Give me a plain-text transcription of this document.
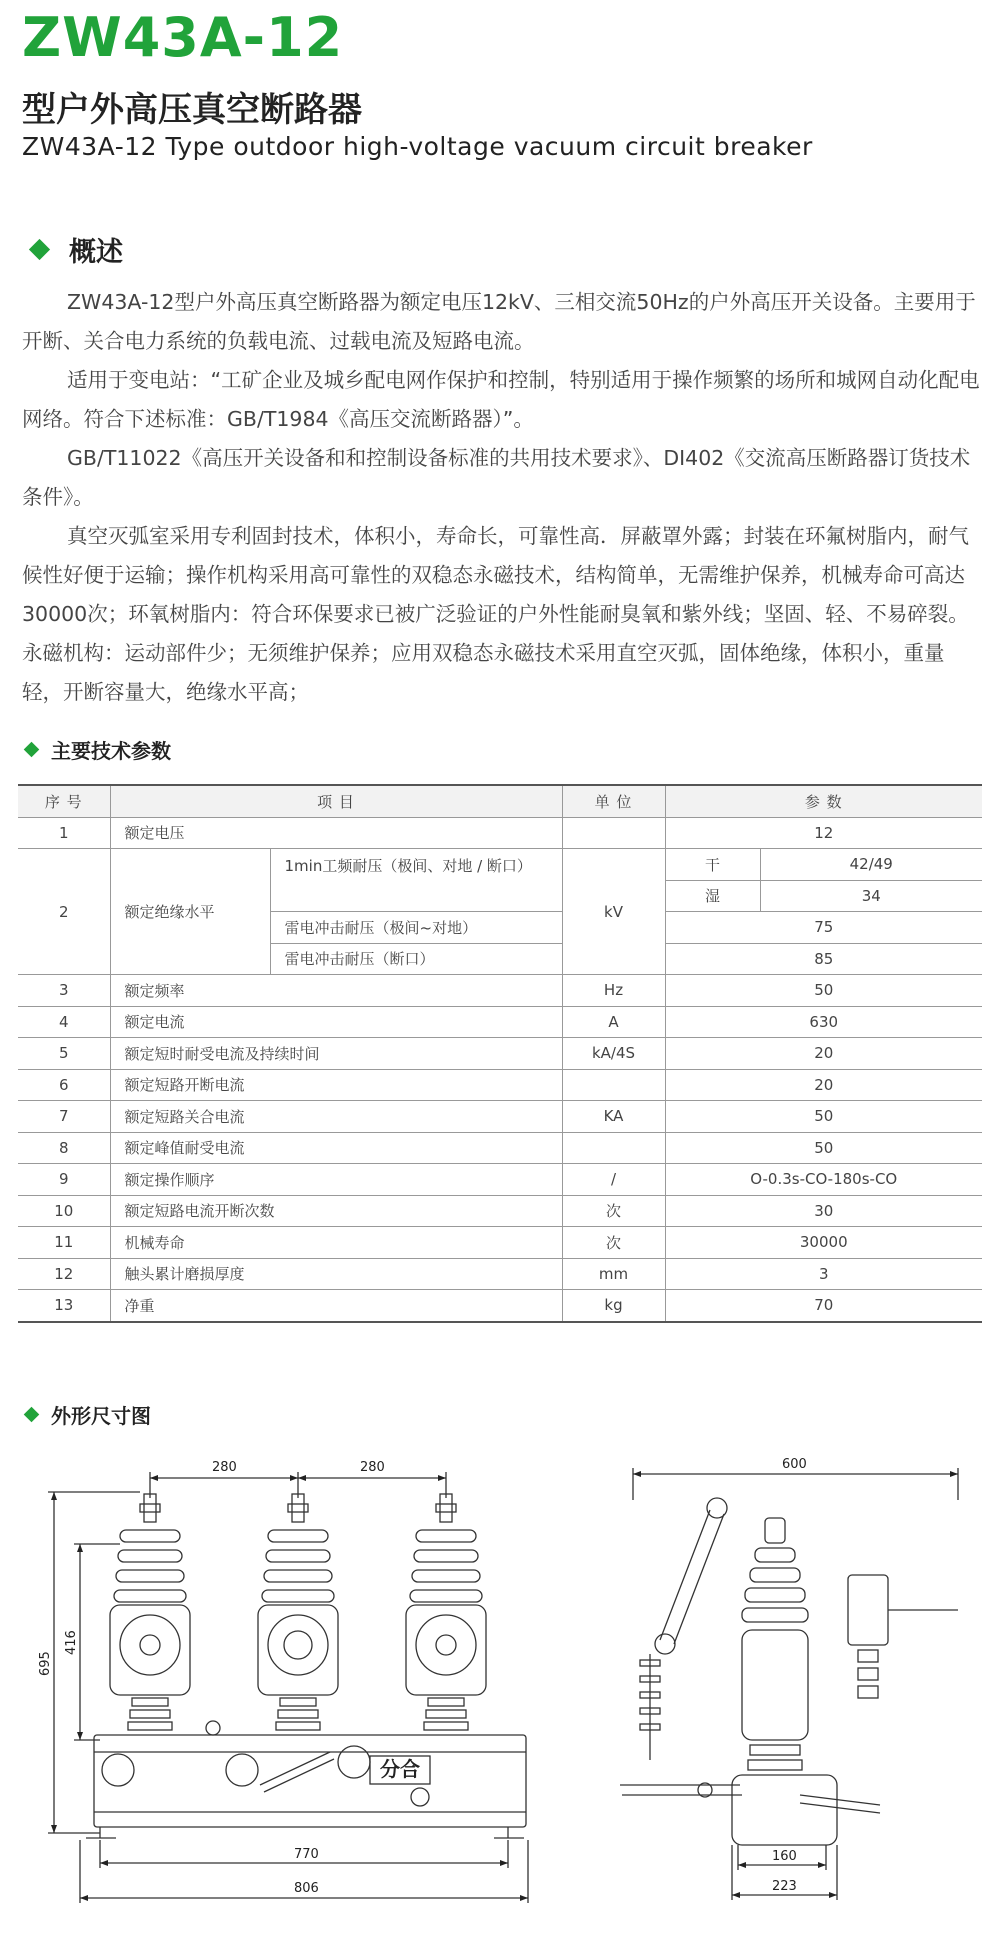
ZW43A-12
型户外高压真空断路器
ZW43A-12 Type outdoor high-voltage vacuum circuit breaker
概述
ZW43A-12型户外高压真空断路器为额定电压12kV、三相交流50Hz的户外高压开关设备。主要用于开断、关合电力系统的负载电流、过载电流及短路电流。
适用于变电站：“工矿企业及城乡配电网作保护和控制，特别适用于操作频繁的场所和城网自动化配电网络。符合下述标准：GB/T1984《高压交流断路器）”。
GB/T11022《高压开关设备和和控制设备标准的共用技术要求》、DI402《交流高压断路器订货技术条件》。
真空灭弧室采用专利固封技术，体积小，寿命长，可靠性高．屏蔽罩外露；封装在环氟树脂内，耐气候性好便于运输；操作机构采用高可靠性的双稳态永磁技术，结构简单，无需维护保养，机械寿命可高达30000次；环氧树脂内：符合环保要求已被广泛验证的户外性能耐臭氧和紫外线；坚固、轻、不易碎裂。永磁机构：运动部件少；无须维护保养；应用双稳态永磁技术采用直空灭弧，固体绝缘，体积小，重量轻，开断容量大，绝缘水平高；
主要技术参数
序 号	项 目		单 位	参 数	
1	额定电压			12	
2	额定绝缘水平	1min工频耐压（极间、对地 / 断口）	kV	干	42/49
				湿	34
		雷电冲击耐压（极间~对地）		75	
		雷电冲击耐压（断口）		85	
3	额定频率		Hz	50	
4	额定电流		A	630	
5	额定短时耐受电流及持续时间		kA/4S	20	
6	额定短路开断电流			20	
7	额定短路关合电流		KA	50	
8	额定峰值耐受电流			50	
9	额定操作顺序		/	O-0.3s-CO-180s-CO	
10	额定短路电流开断次数		次	30	
11	机械寿命		次	30000	
12	触头累计磨损厚度		mm	3	
13	净重		kg	70	
外形尺寸图
280	280
695
416
770
806
600
160
223
分合
